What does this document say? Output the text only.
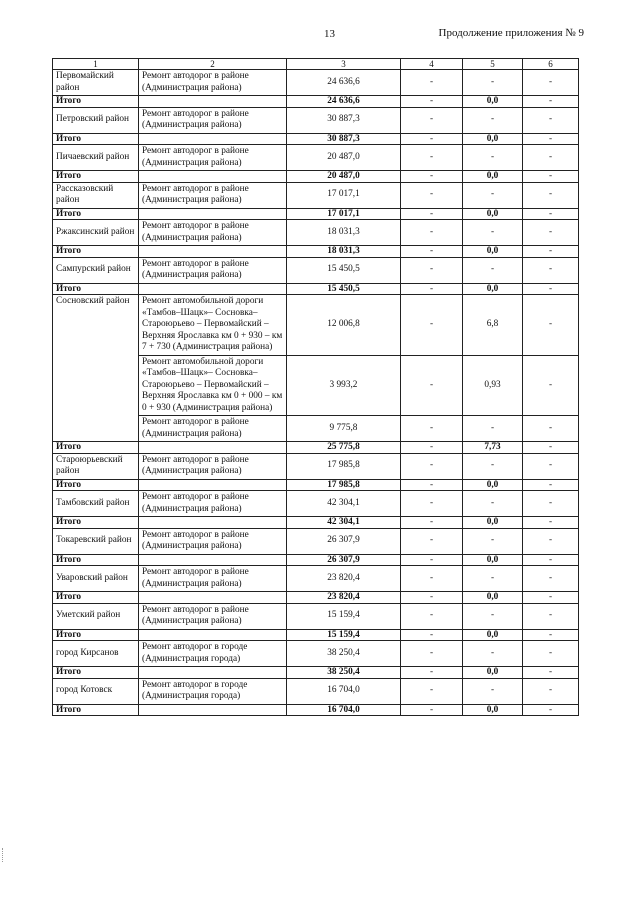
13	Продолжение приложения № 9
1	2	3	4	5	6
Первомайский район	Ремонт автодорог в районе (Администрация района)	24 636,6	-	-	-
Итого		24 636,6	-	0,0	-
Петровский район	Ремонт автодорог в районе (Администрация района)	30 887,3	-	-	-
Итого		30 887,3	-	0,0	-
Пичаевский район	Ремонт автодорог в районе (Администрация района)	20 487,0	-	-	-
Итого		20 487,0	-	0,0	-
Рассказовский район	Ремонт автодорог в районе (Администрация района)	17 017,1	-	-	-
Итого		17 017,1	-	0,0	-
Ржаксинский район	Ремонт автодорог в районе (Администрация района)	18 031,3	-	-	-
Итого		18 031,3	-	0,0	-
Сампурский район	Ремонт автодорог в районе (Администрация района)	15 450,5	-	-	-
Итого		15 450,5	-	0,0	-
Сосновский район	Ремонт автомобильной дороги «Тамбов–Шацк»– Сосновка–Староюрьево – Первомайский – Верхняя Ярославка км 0 + 930 – км 7 + 730 (Администрация района)	12 006,8	-	6,8	-
	Ремонт автомобильной дороги «Тамбов–Шацк»– Сосновка–Староюрьево – Первомайский – Верхняя Ярославка км 0 + 000 – км 0 + 930 (Администрация района)	3 993,2	-	0,93	-
	Ремонт автодорог в районе (Администрация района)	9 775,8	-	-	-
Итого		25 775,8	-	7,73	-
Староюрьевский район	Ремонт автодорог в районе (Администрация района)	17 985,8	-	-	-
Итого		17 985,8	-	0,0	-
Тамбовский район	Ремонт автодорог в районе (Администрация района)	42 304,1	-	-	-
Итого		42 304,1	-	0,0	-
Токаревский район	Ремонт автодорог в районе (Администрация района)	26 307,9	-	-	-
Итого		26 307,9	-	0,0	-
Уваровский район	Ремонт автодорог в районе (Администрация района)	23 820,4	-	-	-
Итого		23 820,4	-	0,0	-
Уметский район	Ремонт автодорог в районе (Администрация района)	15 159,4	-	-	-
Итого		15 159,4	-	0,0	-
город Кирсанов	Ремонт автодорог в городе (Администрация города)	38 250,4	-	-	-
Итого		38 250,4	-	0,0	-
город Котовск	Ремонт автодорог в городе (Администрация города)	16 704,0	-	-	-
Итого		16 704,0	-	0,0	-
